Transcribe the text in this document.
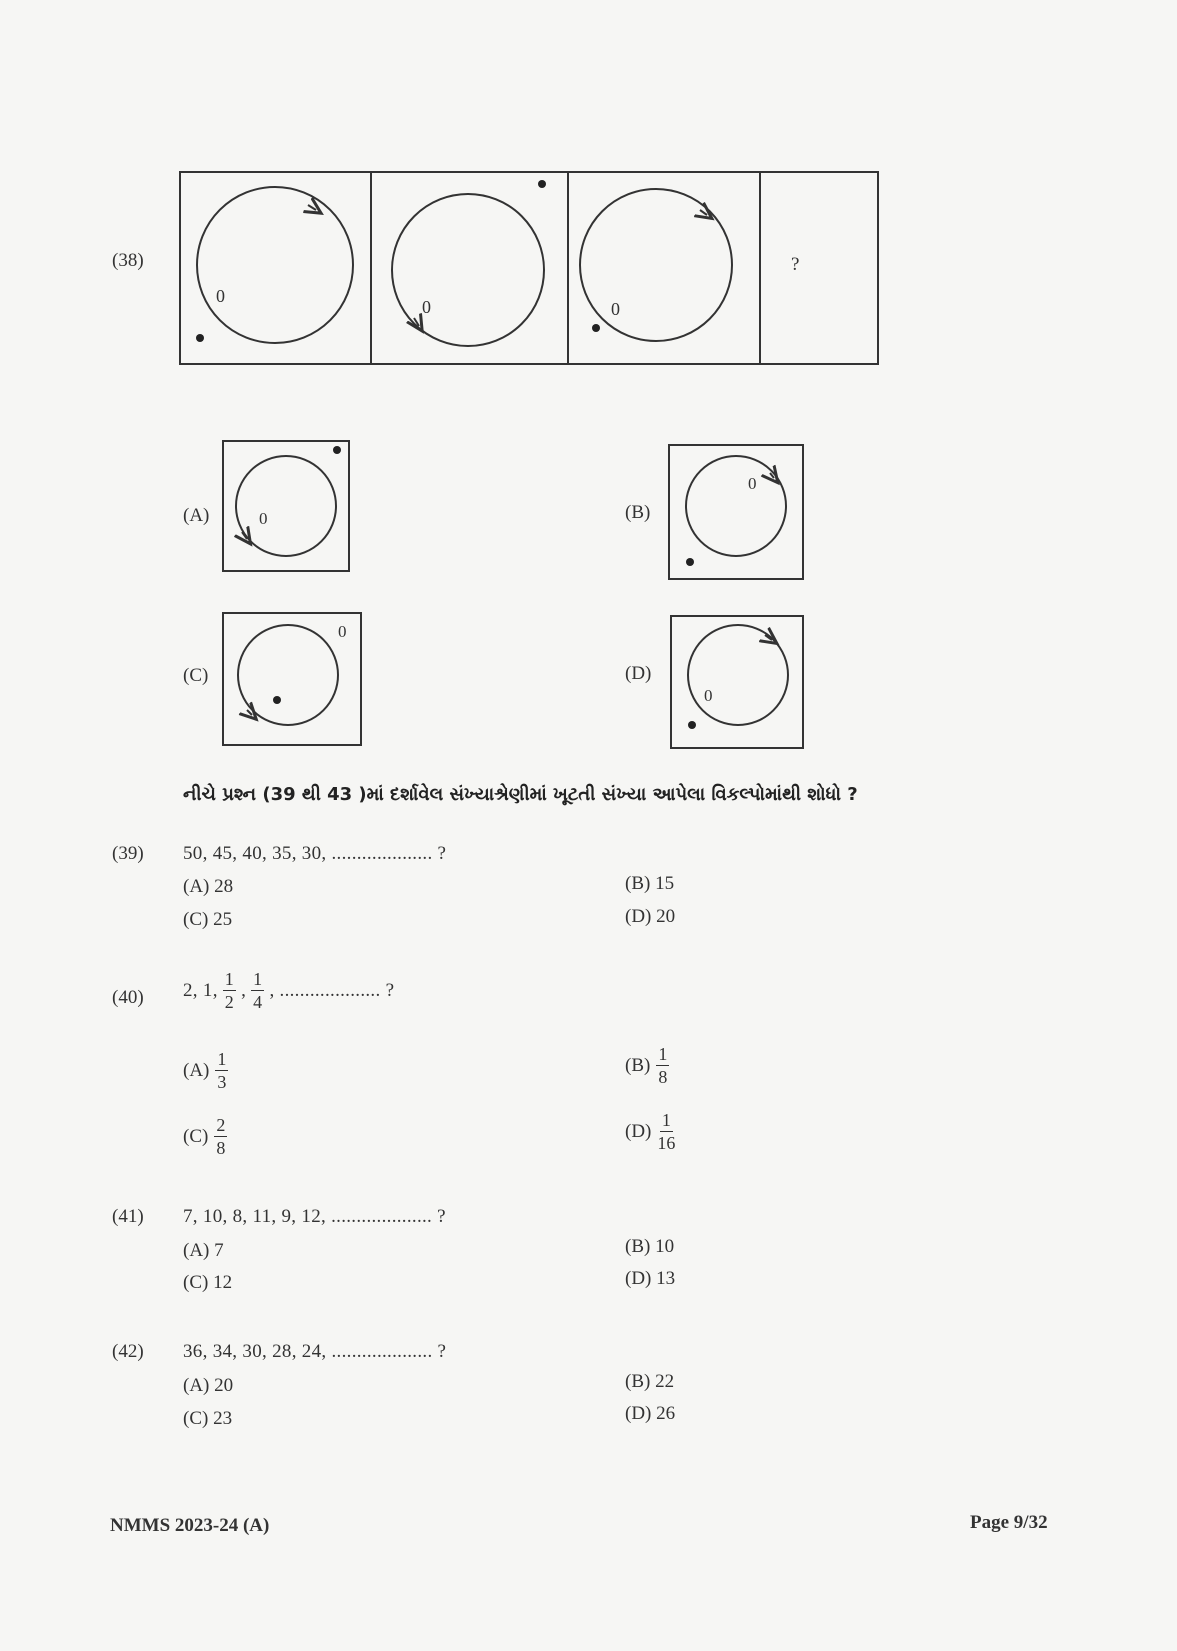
(38)
0
0	0
?
(A)	0	(B)
0
(C)
0
(D)
0
નીચે પ્રશ્ન (39 થી 43 )માં દર્શાવેલ સંખ્યાશ્રેણીમાં ખૂટતી સંખ્યા આપેલા વિકલ્પોમાંથી શોધો ?
(39) 50, 45, 40, 35, 30, .................... ?
(A) 28	(B) 15
(C) 25	(D) 20
(40) 2, 1, $\frac{1}{2}$ , $\frac{1}{4}$ , .................... ?
$(A) \frac{1}{3}$	$(B) \frac{1}{8}$
$(C) \frac{2}{8}$	$(D) \frac{1}{16}$
(41) 7, 10, 8, 11, 9, 12, .................... ?
(A) 7	(B) 10
(C) 12	(D) 13
(42) 36, 34, 30, 28, 24, .................... ?
(A) 20	(B) 22
(C) 23	(D) 26
NMMS 2023-24 (A)	Page 9/32
